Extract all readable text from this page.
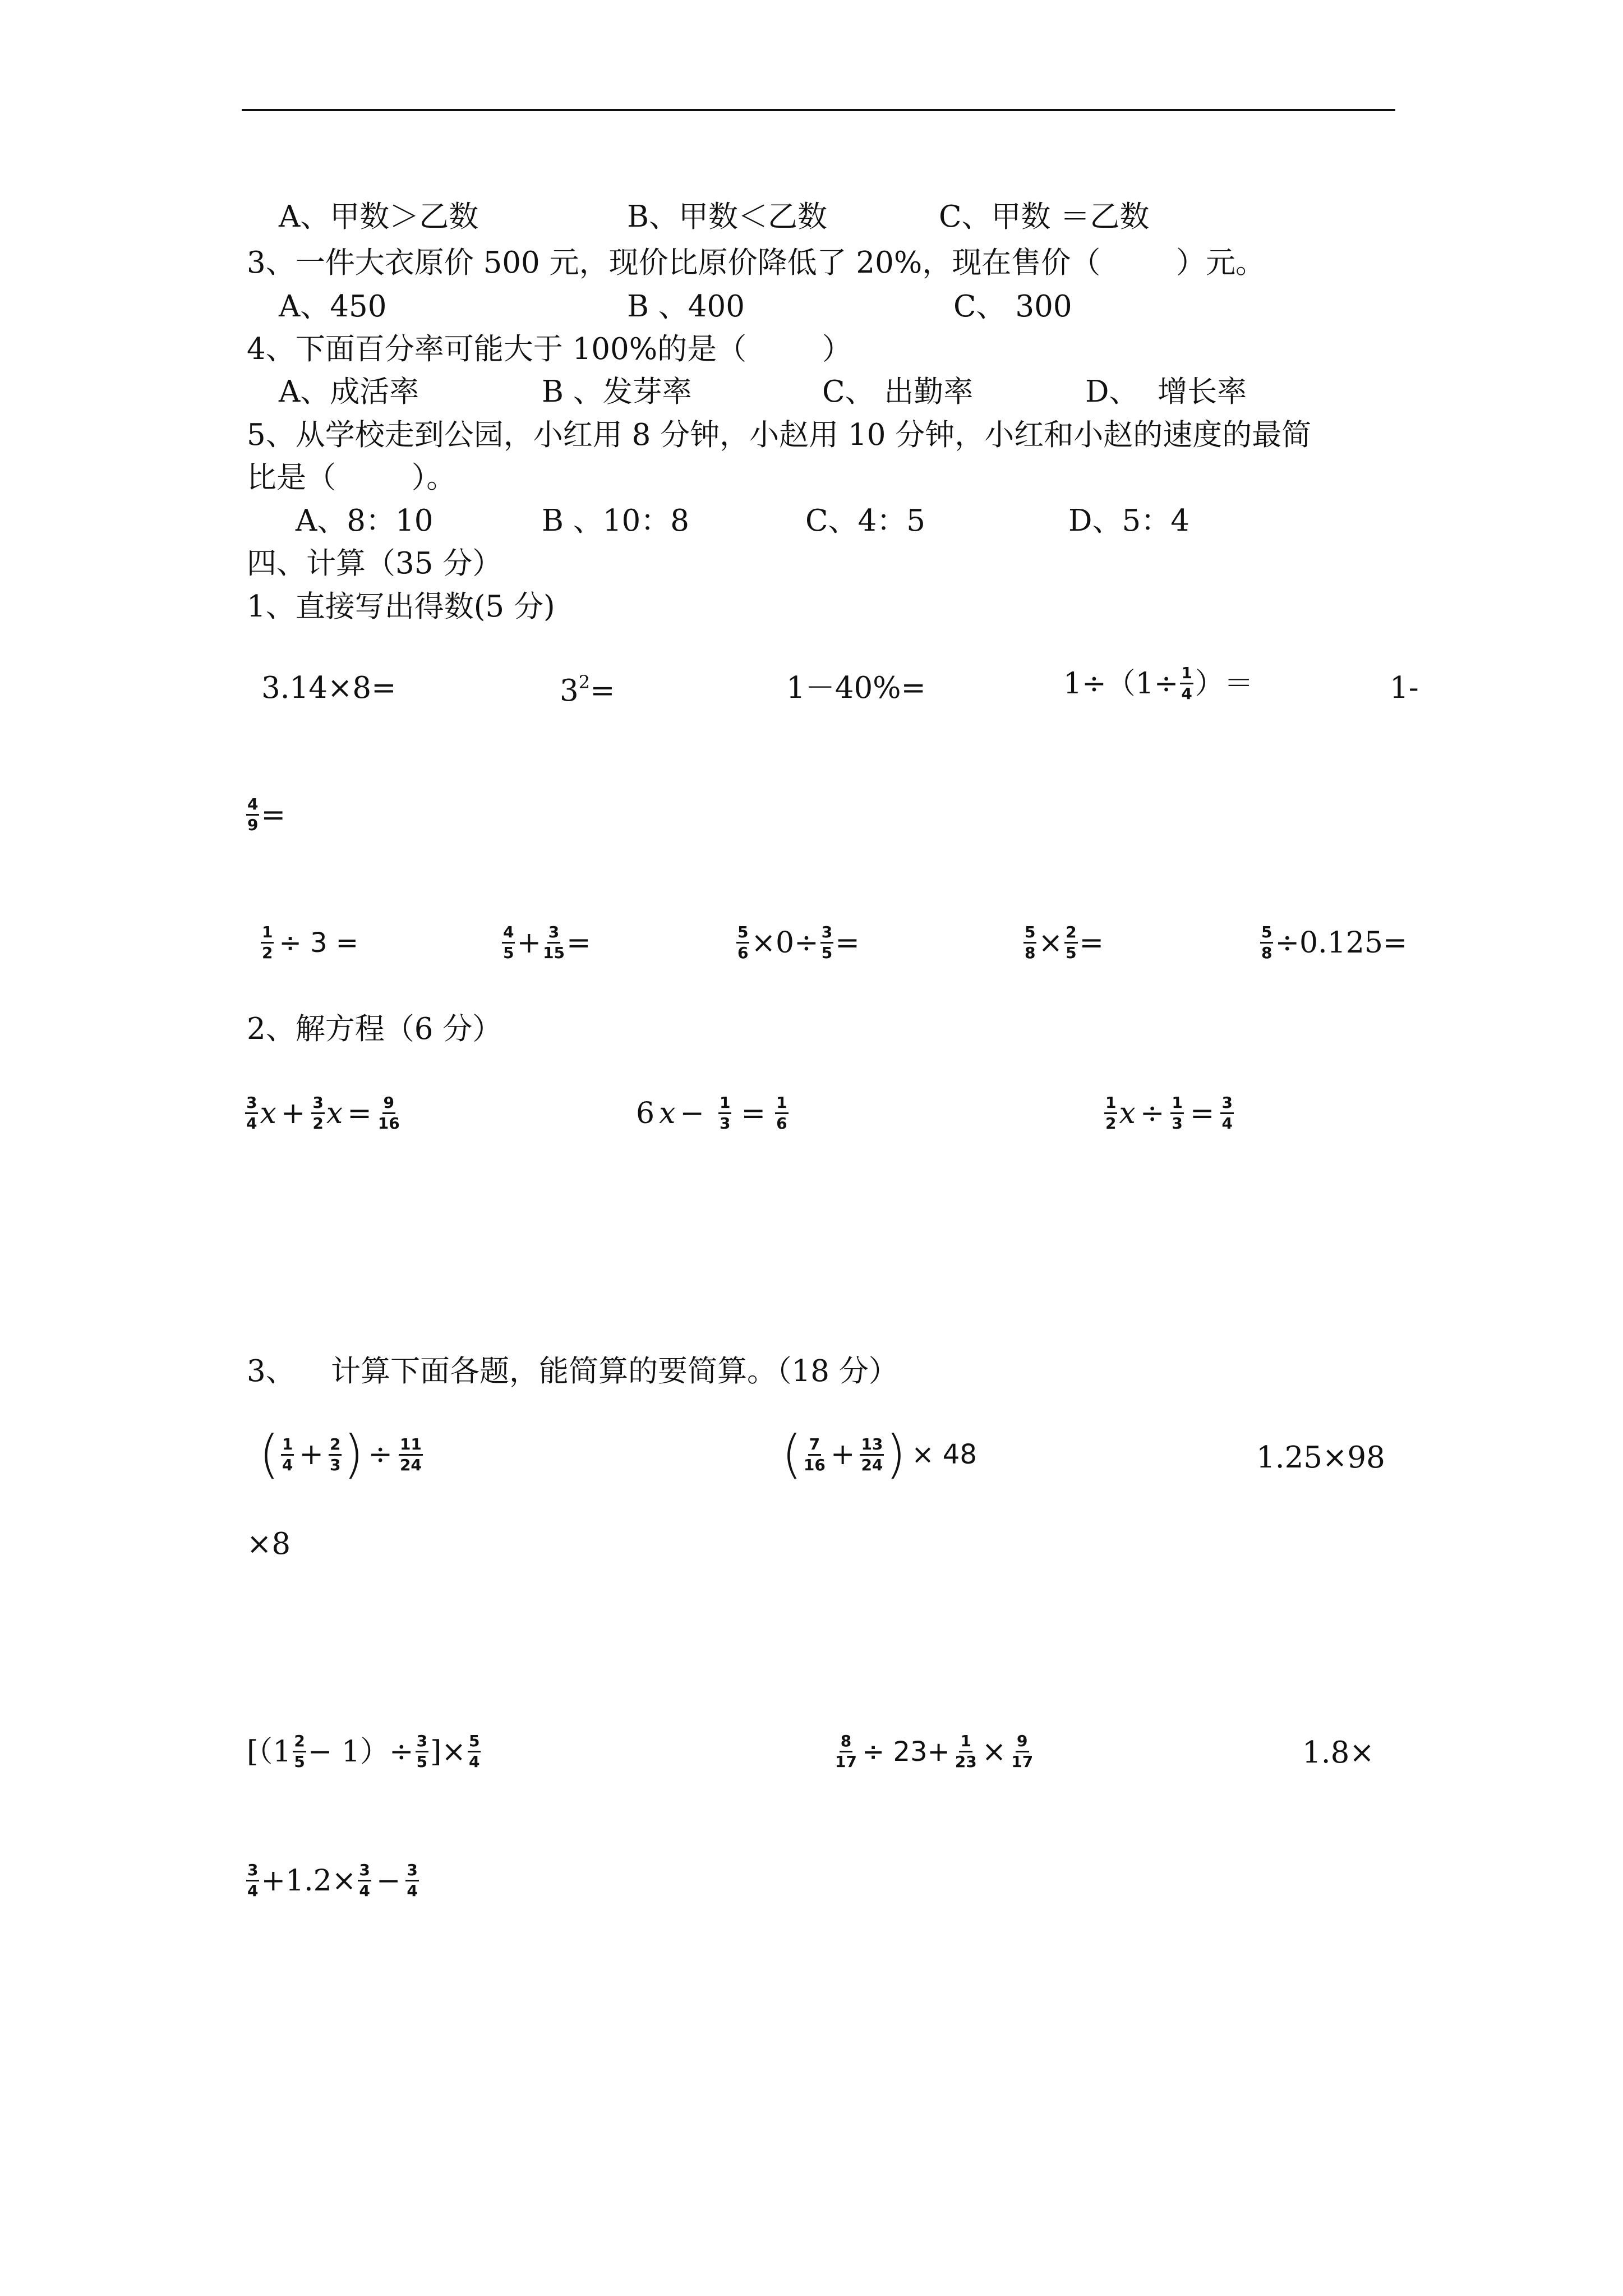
A、甲数＞乙数	B、甲数＜乙数	C、甲数 ＝乙数
3、一件大衣原价 500 元，现价比原价降低了 20%，现在售价（        ）元。
A、450	B 、400	C、 300
4、下面百分率可能大于 100%的是（        ）
A、成活率	B 、发芽率	C、 出勤率	D、  增长率
5、从学校走到公园，小红用 8 分钟，小赵用 10 分钟，小红和小赵的速度的最简
比是（        ）。
A、8：10	B 、10：8	C、4：5	D、5：4
四、计算（35 分）
1、直接写出得数(5 分)
3.14×8=	$3^2=$	1－40%=	$1\div(1\div \frac{1}{4}$ ）＝	1-
$\frac{4}{9}$ =
$\frac{1}{2} \div 3$ =	4
$5 + \frac{3}{15}$ =	$\frac{5}{6} \times 0\div \frac{3}{5}$ =	$\frac{5}{8} \times \frac{2}{5}$ =	$\frac{5}{8} \div 0.125=$
2、解方程（6 分）
3
4 $x + \frac{3}{2}$ $x = \frac{9}{16}$	6 $x - \frac{1}{3} = \frac{1}{6}$	1
2 $x \div \frac{1}{3} = \frac{3}{4}$
3、 计算下面各题，能简算的要简算。（18 分）
( 1
$4 + \frac{2}{3}$ ) ÷ $\frac{11}{24}$	( 7
$16 + \frac{13}{24}$ ) × 48	1.25×98
×8
[（1 2
$5 - 1)\div \frac{3}{5}$ ]× $\frac{5}{4}$	$\frac{8}{17} \div 23+ \frac{1}{23} \times \frac{9}{17}$	1.8×
3
$4 +1.2\times \frac{3}{4} - \frac{3}{4}$
